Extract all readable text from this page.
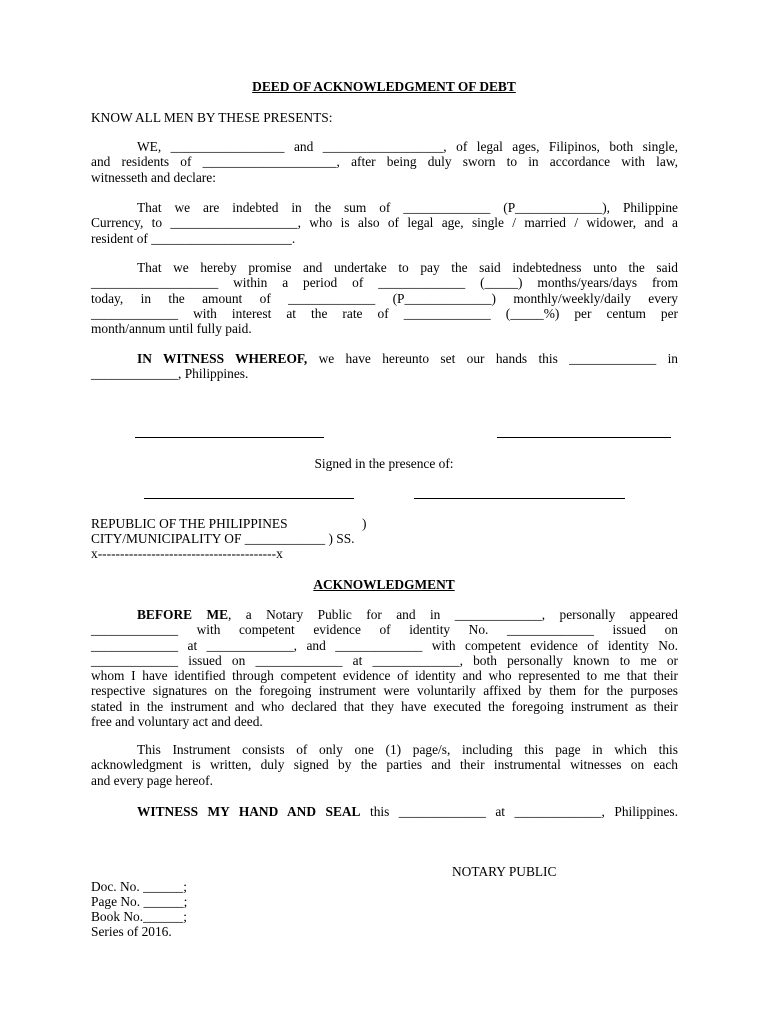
DEED OF ACKNOWLEDGMENT OF DEBT
KNOW ALL MEN BY THESE PRESENTS:
WE, _________________ and __________________, of legal ages, Filipinos, both single,
and residents of ____________________, after being duly sworn to in accordance with law,
witnesseth and declare:
That we are indebted in the sum of _____________ (P_____________), Philippine
Currency, to ___________________, who is also of legal age, single / married / widower, and a
resident of _____________________.
That we hereby promise and undertake to pay the said indebtedness unto the said
___________________ within a period of _____________ (_____) months/years/days from
today, in the amount of _____________ (P_____________) monthly/weekly/daily every
_____________ with interest at the rate of _____________ (_____%) per centum per
month/annum until fully paid.
IN WITNESS WHEREOF, we have hereunto set our hands this _____________ in
_____________, Philippines.
Signed in the presence of:
REPUBLIC OF THE PHILIPPINES	)
CITY/MUNICIPALITY OF ____________ ) SS.
x----------------------------------------x
ACKNOWLEDGMENT
BEFORE ME, a Notary Public for and in _____________, personally appeared
_____________ with competent evidence of identity No. _____________ issued on
_____________ at _____________, and _____________ with competent evidence of identity No.
_____________ issued on _____________ at _____________, both personally known to me or
whom I have identified through competent evidence of identity and who represented to me that their
respective signatures on the foregoing instrument were voluntarily affixed by them for the purposes
stated in the instrument and who declared that they have executed the foregoing instrument as their
free and voluntary act and deed.
This Instrument consists of only one (1) page/s, including this page in which this
acknowledgment is written, duly signed by the parties and their instrumental witnesses on each
and every page hereof.
WITNESS MY HAND AND SEAL this _____________ at _____________, Philippines.
NOTARY PUBLIC
Doc. No. ______;
Page No. ______;
Book No.______;
Series of 2016.
